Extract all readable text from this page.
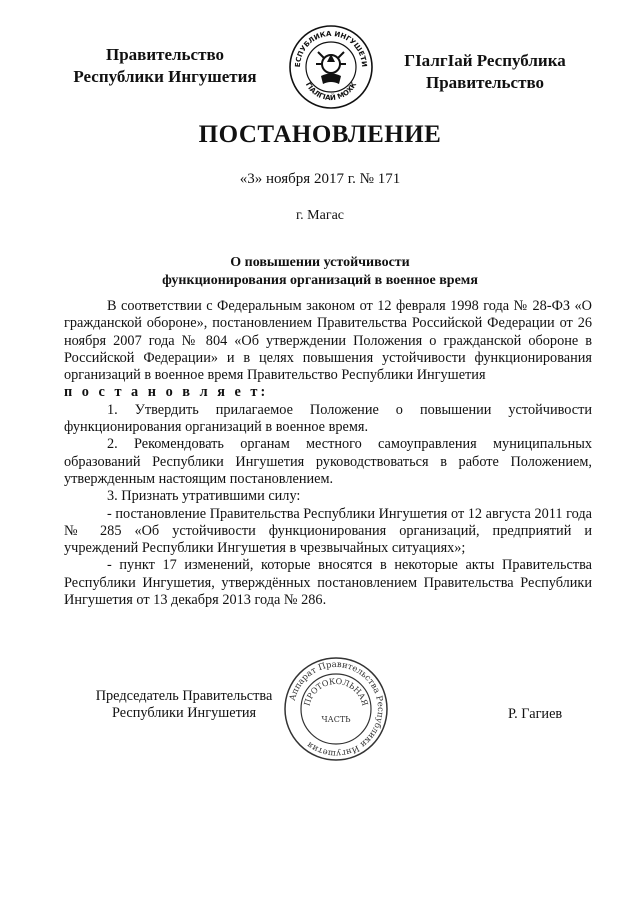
Правительство
Республики Ингушетия
ЕСПУБЛИКА ИНГУШЕТИ
ГIАЛГIАЙ МОХК
ГIалгIай Республика
Правительство
ПОСТАНОВЛЕНИЕ
«3» ноября 2017 г. № 171
г. Магас
О повышении устойчивости
функционирования организаций в военное время

В соответствии с Федеральным законом от 12 февраля 1998 года № 28-ФЗ «О гражданской обороне», постановлением Правительства Российской Федерации от 26 ноября 2007 года № 804 «Об утверждении Положения о гражданской обороне в Российской Федерации» и в целях повышения устойчивости функционирования организаций в военное время Правительство Республики Ингушетия

п о с т а н о в л я е т:

1. Утвердить прилагаемое Положение о повышении устойчивости функционирования организаций в военное время.

2. Рекомендовать органам местного самоуправления муниципальных образований Республики Ингушетия руководствоваться в работе Положением, утвержденным настоящим постановлением.

3. Признать утратившими силу:

- постановление Правительства Республики Ингушетия от 12 августа 2011 года № 285 «Об устойчивости функционирования организаций, предприятий и учреждений Республики Ингушетия в чрезвычайных ситуациях»;

- пункт 17 изменений, которые вносятся в некоторые акты Правительства Республики Ингушетия, утверждённых постановлением Правительства Республики Ингушетия от 13 декабря 2013 года № 286.

Председатель Правительства
Республики Ингушетия
Аппарат Правительства Республики Ингушетия
ПРОТОКОЛЬНАЯ
ЧАСТЬ	Р. Гагиев
